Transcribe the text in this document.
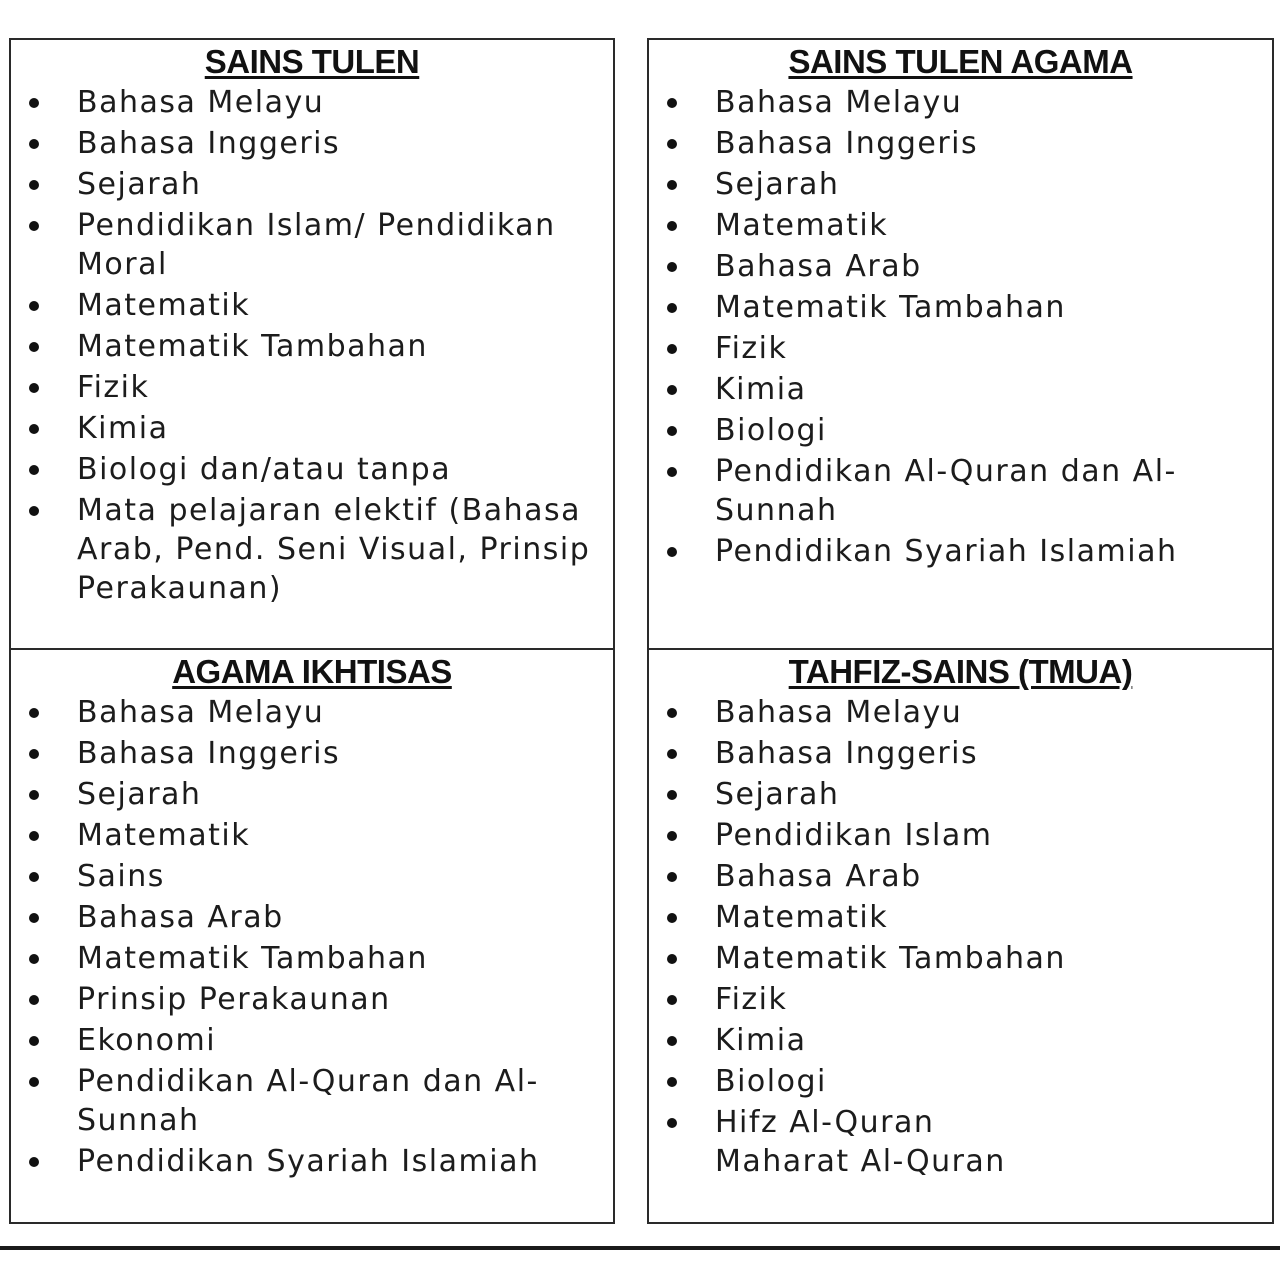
SAINS TULEN
Bahasa Melayu
Bahasa Inggeris
Sejarah
Pendidikan Islam/ Pendidikan
Moral
Matematik
Matematik Tambahan
Fizik
Kimia
Biologi dan/atau tanpa
Mata pelajaran elektif (Bahasa
Arab, Pend. Seni Visual, Prinsip
Perakaunan)
SAINS TULEN AGAMA
Bahasa Melayu
Bahasa Inggeris
Sejarah
Matematik
Bahasa Arab
Matematik Tambahan
Fizik
Kimia
Biologi
Pendidikan Al-Quran dan Al-
Sunnah
Pendidikan Syariah Islamiah
AGAMA IKHTISAS
Bahasa Melayu
Bahasa Inggeris
Sejarah
Matematik
Sains
Bahasa Arab
Matematik Tambahan
Prinsip Perakaunan
Ekonomi
Pendidikan Al-Quran dan Al-
Sunnah
Pendidikan Syariah Islamiah
TAHFIZ-SAINS (TMUA)
Bahasa Melayu
Bahasa Inggeris
Sejarah
Pendidikan Islam
Bahasa Arab
Matematik
Matematik Tambahan
Fizik
Kimia
Biologi
Hifz Al-Quran
Maharat Al-Quran
